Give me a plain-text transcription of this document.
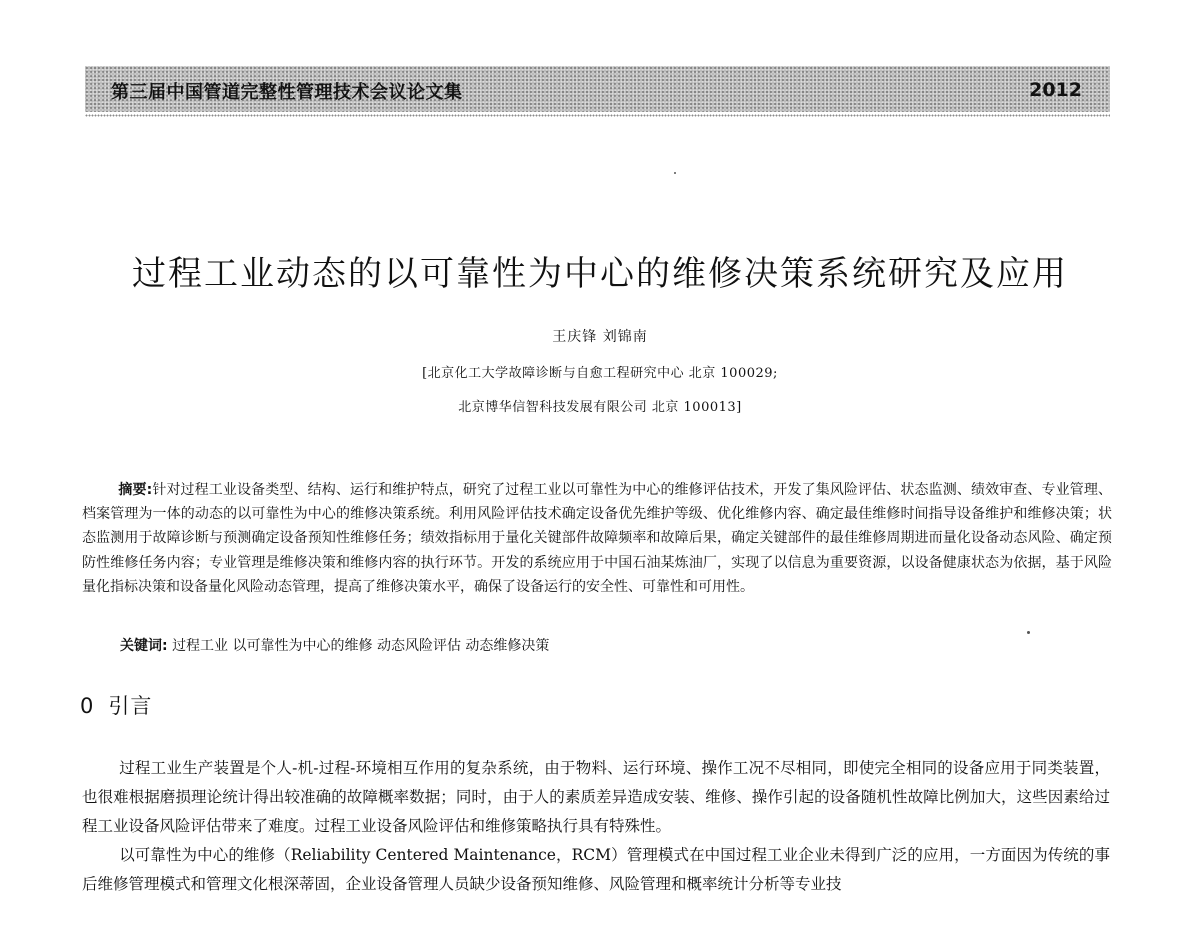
第三届中国管道完整性管理技术会议论文集	2012
过程工业动态的以可靠性为中心的维修决策系统研究及应用
王庆锋 刘锦南
[北京化工大学故障诊断与自愈工程研究中心 北京 100029;
北京博华信智科技发展有限公司 北京 100013]
摘要:针对过程工业设备类型、结构、运行和维护特点，研究了过程工业以可靠性为中心的维修评估技术，开发了集风险评估、状态监测、绩效审查、专业管理、档案管理为一体的动态的以可靠性为中心的维修决策系统。利用风险评估技术确定设备优先维护等级、优化维修内容、确定最佳维修时间指导设备维护和维修决策；状态监测用于故障诊断与预测确定设备预知性维修任务；绩效指标用于量化关键部件故障频率和故障后果，确定关键部件的最佳维修周期进而量化设备动态风险、确定预防性维修任务内容；专业管理是维修决策和维修内容的执行环节。开发的系统应用于中国石油某炼油厂，实现了以信息为重要资源，以设备健康状态为依据，基于风险量化指标决策和设备量化风险动态管理，提高了维修决策水平，确保了设备运行的安全性、可靠性和可用性。
关键词: 过程工业 以可靠性为中心的维修 动态风险评估 动态维修决策
0 引言

过程工业生产装置是个人-机-过程-环境相互作用的复杂系统，由于物料、运行环境、操作工况不尽相同，即使完全相同的设备应用于同类装置，也很难根据磨损理论统计得出较准确的故障概率数据；同时，由于人的素质差异造成安装、维修、操作引起的设备随机性故障比例加大，这些因素给过程工业设备风险评估带来了难度。过程工业设备风险评估和维修策略执行具有特殊性。

以可靠性为中心的维修（Reliability Centered Maintenance，RCM）管理模式在中国过程工业企业未得到广泛的应用，一方面因为传统的事后维修管理模式和管理文化根深蒂固，企业设备管理人员缺少设备预知维修、风险管理和概率统计分析等专业技
